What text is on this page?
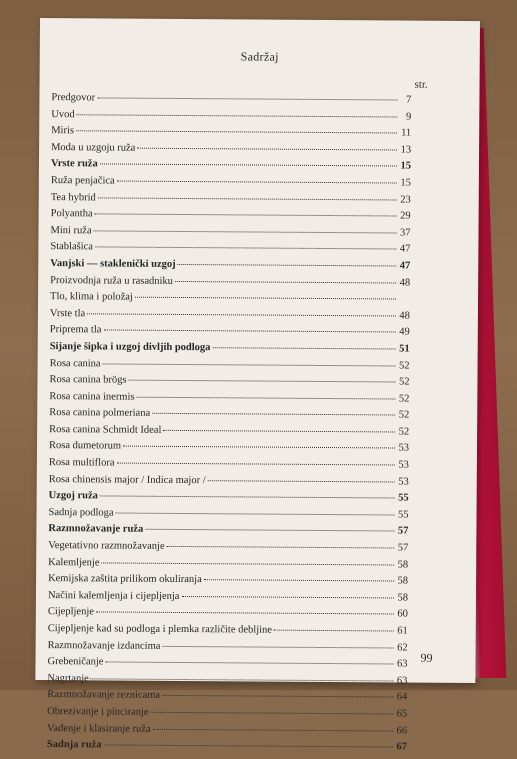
Sadržaj
str.
Predgovor	7
Uvod	9
Miris	11
Moda u uzgoju ruža	13
Vrste ruža	15
Ruža penjačica	15
Tea hybrid	23
Polyantha	29
Mini ruža	37
Stablašica	47
Vanjski — staklenički uzgoj	47
Proizvodnja ruža u rasadniku	48
Tlo, klima i položaj
Vrste tla	48
Priprema tla	49
Sijanje šipka i uzgoj divljih podloga	51
Rosa canina	52
Rosa canina brögs	52
Rosa canina inermis	52
Rosa canina polmeriana	52
Rosa canina Schmidt Ideal	52
Rosa dumetorum	53
Rosa multiflora	53
Rosa chinensis major / Indica major /	53
Uzgoj ruža	55
Sadnja podloga	55
Razmnožavanje ruža	57
Vegetativno razmnožavanje	57
Kalemljenje	58
Kemijska zaštita prilikom okuliranja	58
Načini kalemljenja i cijepljenja	58
Cijepljenje	60
Cijepljenje kad su podloga i plemka različite debljine	61
Razmnožavanje izdancima	62
Grebeničanje	63
Nagrtanje	63
Razmnožavanje reznicama	64
Obrezivanje i pinciranje	65
Vađenje i klasiranje ruža	66
Sadnja ruža	67
99
